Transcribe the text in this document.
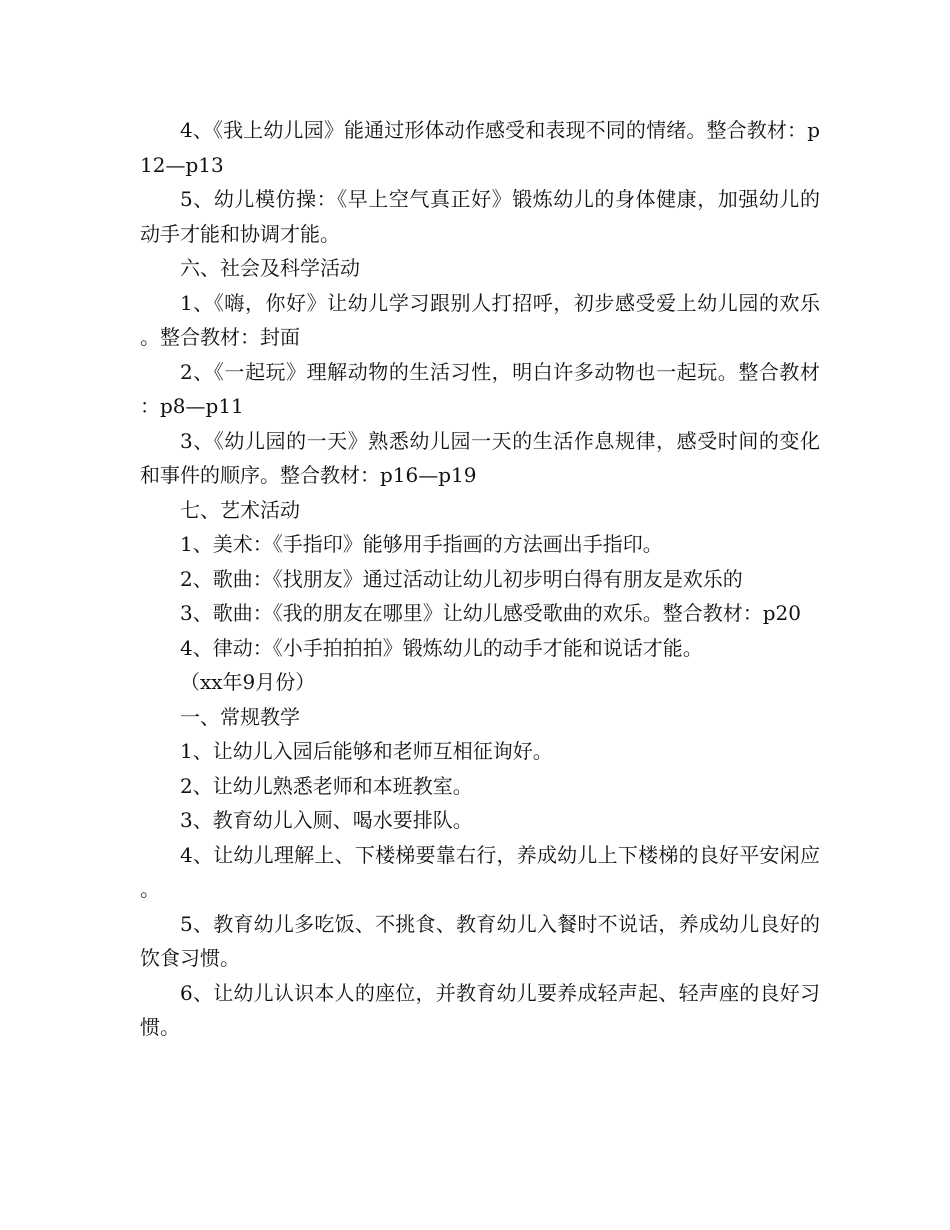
4、《我上幼儿园》能通过形体动作感受和表现不同的情绪。整合教材：p12—p13

5、幼儿模仿操：《早上空气真正好》锻炼幼儿的身体健康，加强幼儿的动手才能和协调才能。

六、社会及科学活动

1、《嗨，你好》让幼儿学习跟别人打招呼，初步感受爱上幼儿园的欢乐。整合教材：封面

2、《一起玩》理解动物的生活习性，明白许多动物也一起玩。整合教材：p8—p11

3、《幼儿园的一天》熟悉幼儿园一天的生活作息规律，感受时间的变化和事件的顺序。整合教材：p16—p19

七、艺术活动

1、美术：《手指印》能够用手指画的方法画出手指印。

2、歌曲：《找朋友》通过活动让幼儿初步明白得有朋友是欢乐的

3、歌曲：《我的朋友在哪里》让幼儿感受歌曲的欢乐。整合教材：p20

4、律动：《小手拍拍拍》锻炼幼儿的动手才能和说话才能。

（xx年9月份）

一、常规教学

1、让幼儿入园后能够和老师互相征询好。

2、让幼儿熟悉老师和本班教室。

3、教育幼儿入厕、喝水要排队。

4、让幼儿理解上、下楼梯要靠右行，养成幼儿上下楼梯的良好平安闲应。

5、教育幼儿多吃饭、不挑食、教育幼儿入餐时不说话，养成幼儿良好的饮食习惯。

6、让幼儿认识本人的座位，并教育幼儿要养成轻声起、轻声座的良好习惯。
